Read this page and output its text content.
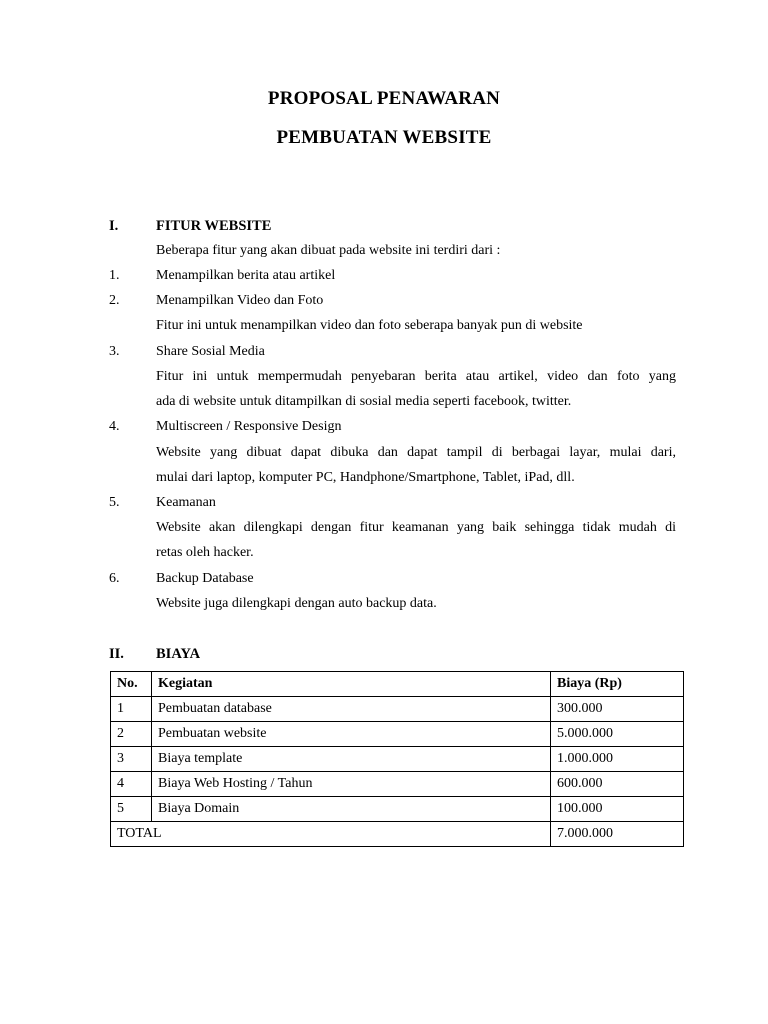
PROPOSAL PENAWARAN
PEMBUATAN WEBSITE
I.	FITUR WEBSITE
Beberapa fitur yang akan dibuat pada website ini terdiri dari :
1.	Menampilkan berita atau artikel
2.	Menampilkan Video dan Foto
Fitur ini untuk menampilkan video dan foto seberapa banyak pun di website
3.	Share Sosial Media
Fitur ini untuk mempermudah penyebaran berita atau artikel, video dan foto yang
ada di website untuk ditampilkan di sosial media seperti facebook, twitter.
4.	Multiscreen / Responsive Design
Website yang dibuat dapat dibuka dan dapat tampil di berbagai layar, mulai dari,
mulai dari laptop, komputer PC, Handphone/Smartphone, Tablet, iPad, dll.
5.	Keamanan
Website akan dilengkapi dengan fitur keamanan yang baik sehingga tidak mudah di
retas oleh hacker.
6.	Backup Database
Website juga dilengkapi dengan auto backup data.
II. BIAYA
No.	Kegiatan	Biaya (Rp)
1	Pembuatan database	300.000
2	Pembuatan website	5.000.000
3	Biaya template	1.000.000
4	Biaya Web Hosting / Tahun	600.000
5	Biaya Domain	100.000
TOTAL		7.000.000
